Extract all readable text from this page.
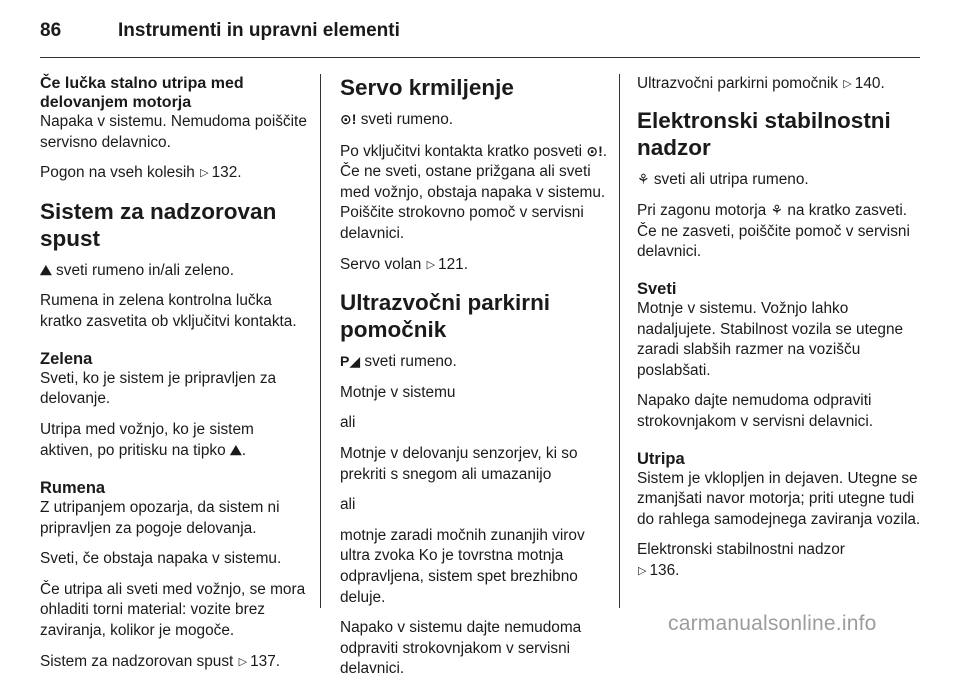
86	Instrumenti in upravni elementi
Če lučka stalno utripa med delovanjem motorja

Napaka v sistemu. Nemudoma poiščite servisno delavnico.

Pogon na vseh kolesih ▷ 132.

Sistem za nadzorovan spust

⛰ sveti rumeno in/ali zeleno.

Rumena in zelena kontrolna lučka kratko zasvetita ob vključitvi kontakta.

Zelena

Sveti, ko je sistem je pripravljen za delovanje.

Utripa med vožnjo, ko je sistem aktiven, po pritisku na tipko ⛰.

Rumena

Z utripanjem opozarja, da sistem ni pripravljen za pogoje delovanja.

Sveti, če obstaja napaka v sistemu.

Če utripa ali sveti med vožnjo, se mora ohladiti torni material: vozite brez zaviranja, kolikor je mogoče.

Sistem za nadzorovan spust ▷ 137.

Servo krmiljenje

⊙! sveti rumeno.

Po vključitvi kontakta kratko posveti ⊙!. Če ne sveti, ostane prižgana ali sveti med vožnjo, obstaja napaka v sistemu. Poiščite strokovno pomoč v servisni delavnici.

Servo volan ▷ 121.

Ultrazvočni parkirni pomočnik

P◢ sveti rumeno.

Motnje v sistemu

ali

Motnje v delovanju senzorjev, ki so prekriti s snegom ali umazanijo

ali

motnje zaradi močnih zunanjih virov ultra zvoka Ko je tovrstna motnja odpravljena, sistem spet brezhibno deluje.

Napako v sistemu dajte nemudoma odpraviti strokovnjakom v servisni delavnici.

Ultrazvočni parkirni pomočnik ▷ 140.

Elektronski stabilnostni nadzor

⚘ sveti ali utripa rumeno.

Pri zagonu motorja ⚘ na kratko zasveti. Če ne zasveti, poiščite pomoč v servisni delavnici.

Sveti

Motnje v sistemu. Vožnjo lahko nadaljujete. Stabilnost vozila se utegne zaradi slabših razmer na vozišču poslabšati.

Napako dajte nemudoma odpraviti strokovnjakom v servisni delavnici.

Utripa

Sistem je vklopljen in dejaven. Utegne se zmanjšati navor motorja; priti utegne tudi do rahlega samodejnega zaviranja vozila.

Elektronski stabilnostni nadzor

▷ 136.

carmanualsonline.info
